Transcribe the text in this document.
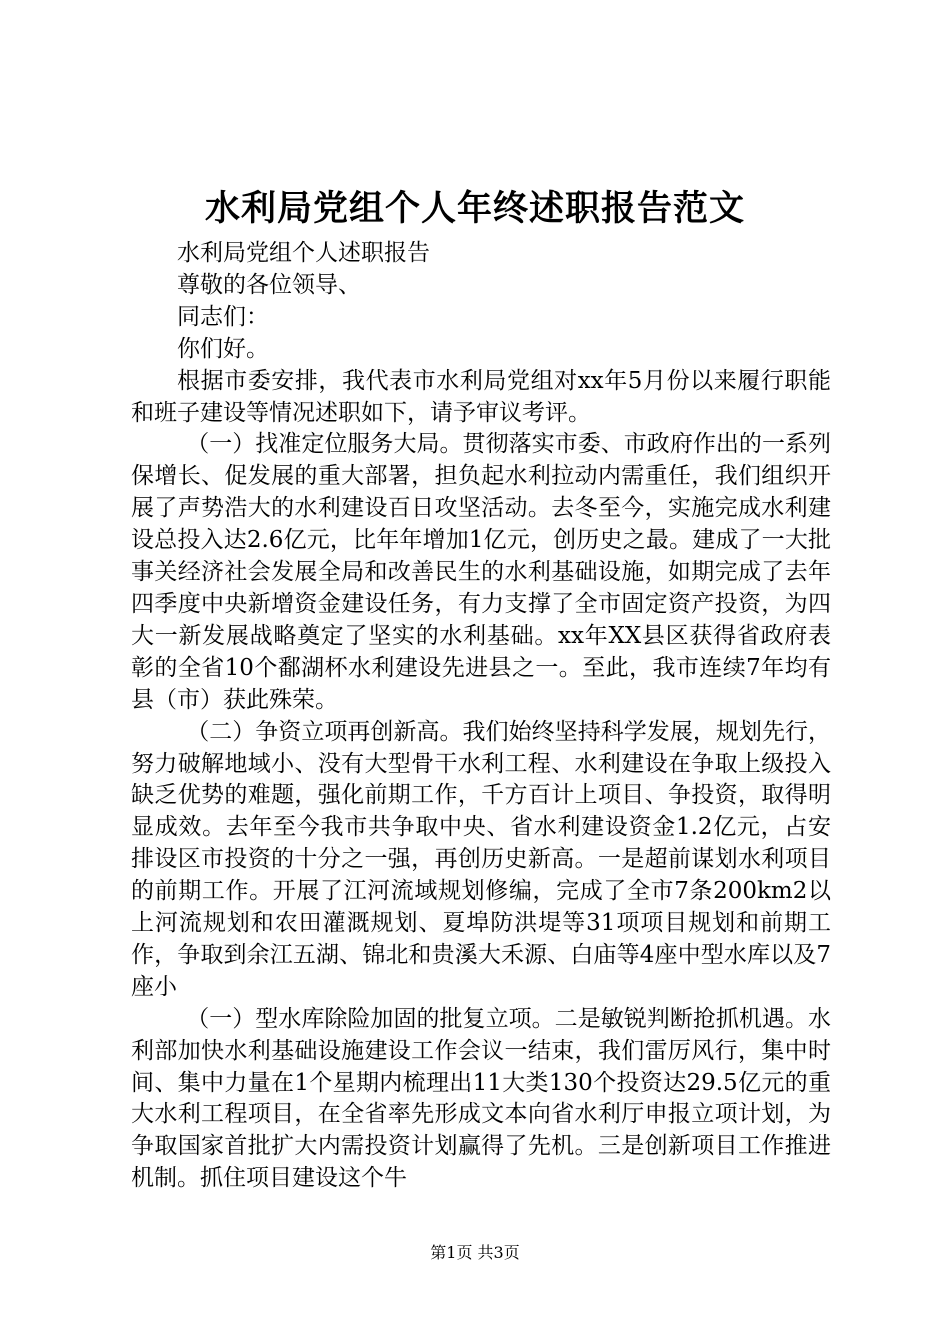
水利局党组个人年终述职报告范文

水利局党组个人述职报告

尊敬的各位领导、

同志们：

你们好。

根据市委安排，我代表市水利局党组对xx年5月份以来履行职能和班子建设等情况述职如下，请予审议考评。

（一）找准定位服务大局。贯彻落实市委、市政府作出的一系列保增长、促发展的重大部署，担负起水利拉动内需重任，我们组织开展了声势浩大的水利建设百日攻坚活动。去冬至今，实施完成水利建设总投入达2.6亿元，比年年增加1亿元，创历史之最。建成了一大批事关经济社会发展全局和改善民生的水利基础设施，如期完成了去年四季度中央新增资金建设任务，有力支撑了全市固定资产投资，为四大一新发展战略奠定了坚实的水利基础。xx年XX县区获得省政府表彰的全省10个鄱湖杯水利建设先进县之一。至此，我市连续7年均有县（市）获此殊荣。

（二）争资立项再创新高。我们始终坚持科学发展，规划先行，努力破解地域小、没有大型骨干水利工程、水利建设在争取上级投入缺乏优势的难题，强化前期工作，千方百计上项目、争投资，取得明显成效。去年至今我市共争取中央、省水利建设资金1.2亿元，占安排设区市投资的十分之一强，再创历史新高。一是超前谋划水利项目的前期工作。开展了江河流域规划修编，完成了全市7条200km2以上河流规划和农田灌溉规划、夏埠防洪堤等31项项目规划和前期工作，争取到余江五湖、锦北和贵溪大禾源、白庙等4座中型水库以及7座小

（一）型水库除险加固的批复立项。二是敏锐判断抢抓机遇。水利部加快水利基础设施建设工作会议一结束，我们雷厉风行，集中时间、集中力量在1个星期内梳理出11大类130个投资达29.5亿元的重大水利工程项目，在全省率先形成文本向省水利厅申报立项计划，为争取国家首批扩大内需投资计划赢得了先机。三是创新项目工作推进机制。抓住项目建设这个牛

第1页 共3页
